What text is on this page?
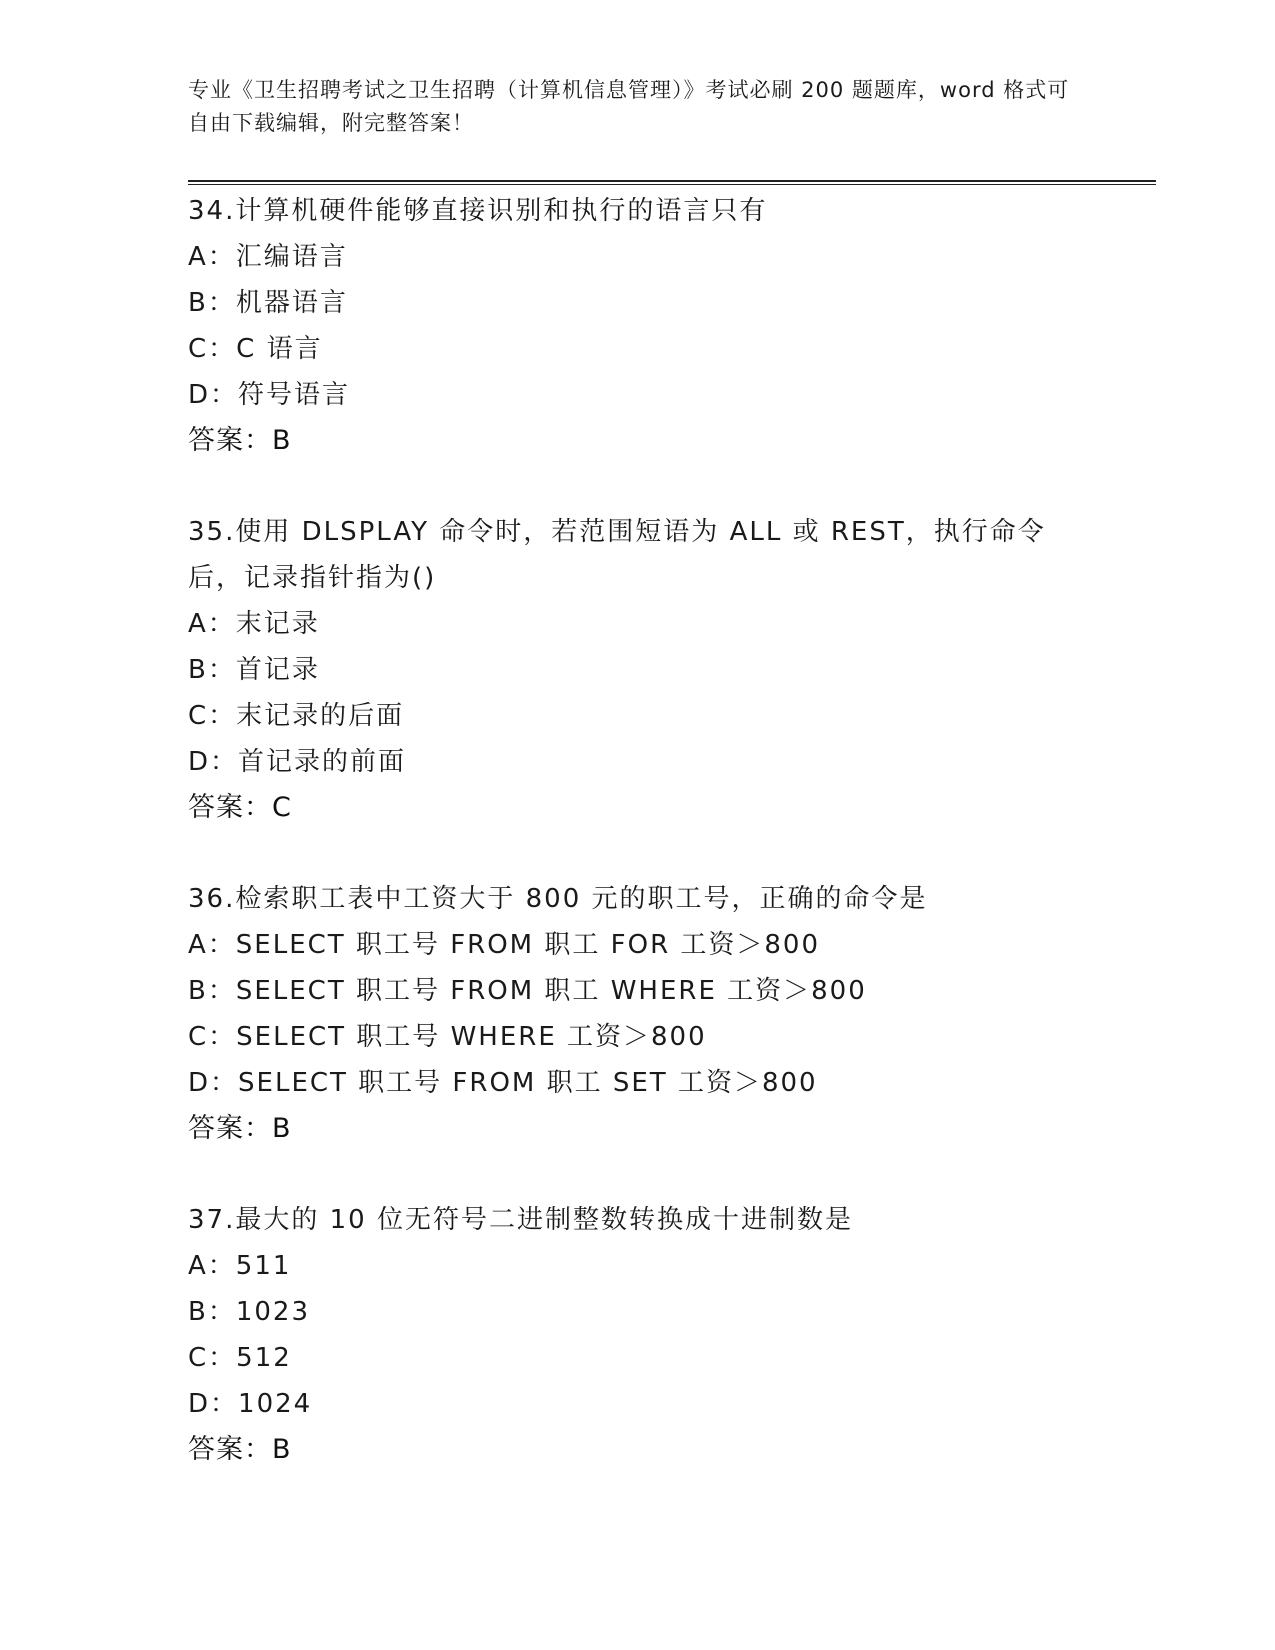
专业《卫生招聘考试之卫生招聘（计算机信息管理）》考试必刷 200 题题库，word 格式可自由下载编辑，附完整答案！
34.计算机硬件能够直接识别和执行的语言只有
A：汇编语言
B：机器语言
C：C 语言
D：符号语言
答案：B
35.使用 DLSPLAY 命令时，若范围短语为 ALL 或 REST，执行命令后，记录指针指为()
A：末记录
B：首记录
C：末记录的后面
D：首记录的前面
答案：C
36.检索职工表中工资大于 800 元的职工号，正确的命令是
A：SELECT 职工号 FROM 职工 FOR 工资＞800
B：SELECT 职工号 FROM 职工 WHERE 工资＞800
C：SELECT 职工号 WHERE 工资＞800
D：SELECT 职工号 FROM 职工 SET 工资＞800
答案：B
37.最大的 10 位无符号二进制整数转换成十进制数是
A：511
B：1023
C：512
D：1024
答案：B
